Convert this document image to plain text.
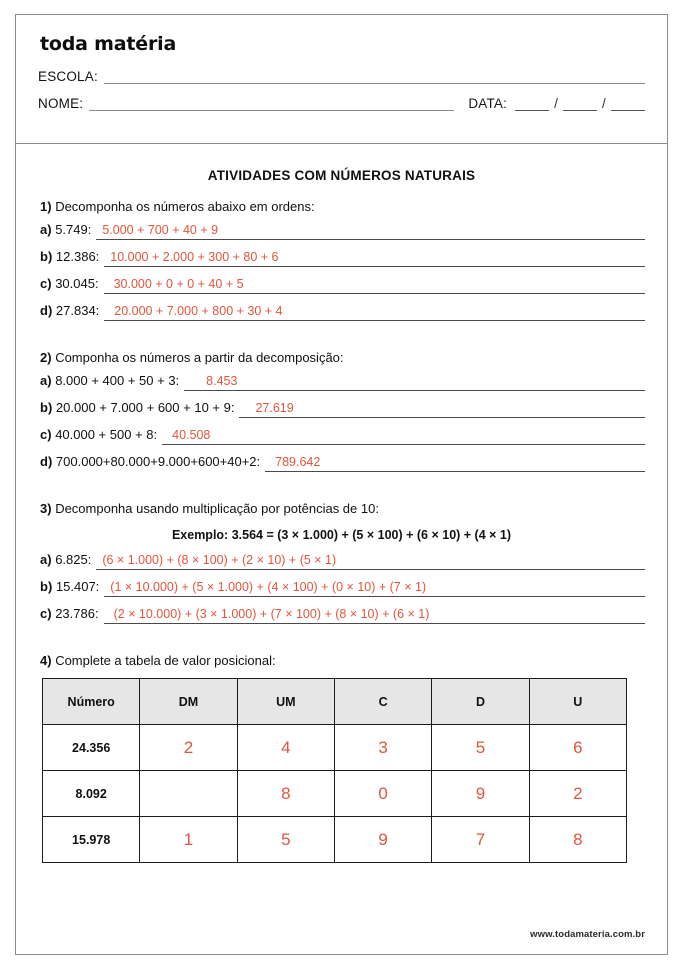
toda matéria
ESCOLA:
NOME:	DATA:	/	/
ATIVIDADES COM NÚMEROS NATURAIS
1) Decomponha os números abaixo em ordens:
a) 5.749: 5.000 + 700 + 40 + 9
b) 12.386: 10.000 + 2.000 + 300 + 80 + 6
c) 30.045:	30.000 + 0 + 0 + 40 + 5
d) 27.834:	20.000 + 7.000 + 800 + 30 + 4
2) Componha os números a partir da decomposição:
a) 8.000 + 400 + 50 + 3:	8.453
b) 20.000 + 7.000 + 600 + 10 + 9:	27.619
c) 40.000 + 500 + 8:	40.508
d) 700.000+80.000+9.000+600+40+2:	789.642
3) Decomponha usando multiplicação por potências de 10:
Exemplo: 3.564 = (3 × 1.000) + (5 × 100) + (6 × 10) + (4 × 1)
a) 6.825: (6 × 1.000) + (8 × 100) + (2 × 10) + (5 × 1)
b) 15.407: (1 × 10.000) + (5 × 1.000) + (4 × 100) + (0 × 10) + (7 × 1)
c) 23.786:	(2 × 10.000) + (3 × 1.000) + (7 × 100) + (8 × 10) + (6 × 1)
4) Complete a tabela de valor posicional:
Número	DM	UM	C	D	U
24.356	2	4	3	5	6
8.092		8	0	9	2
15.978	1	5	9	7	8
www.todamateria.com.br
